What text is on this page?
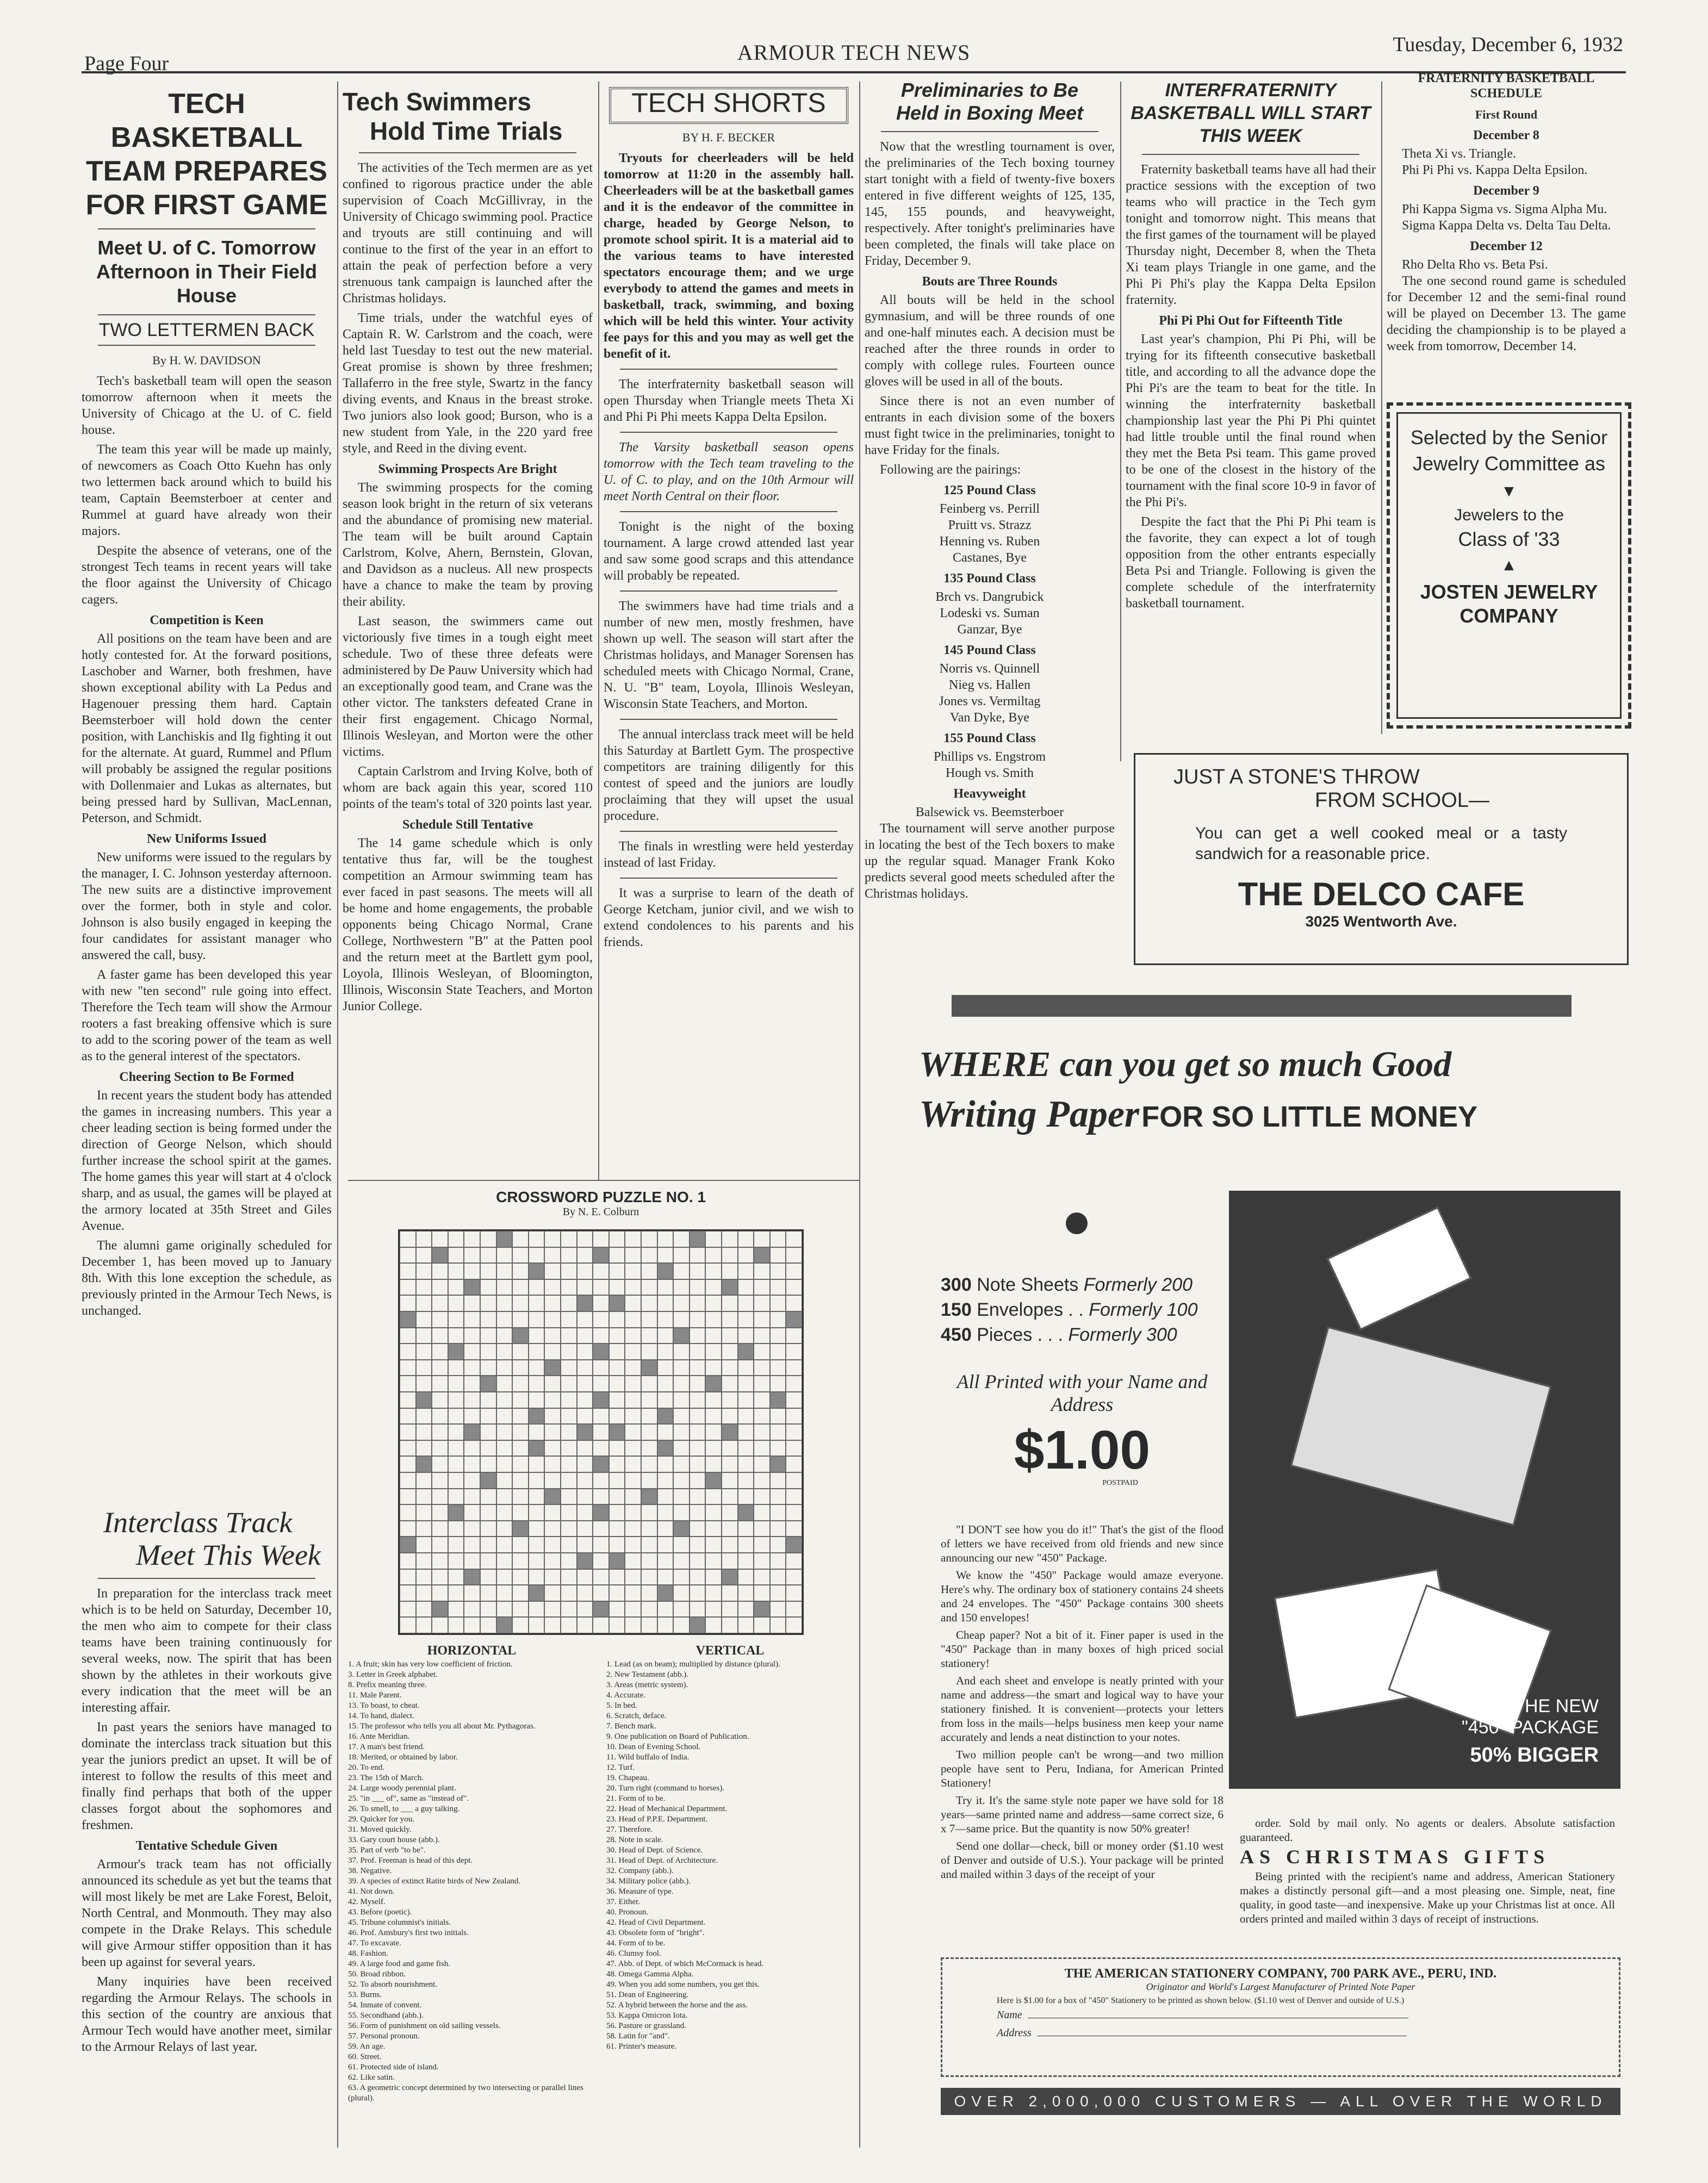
Page Four	ARMOUR TECH NEWS	Tuesday, December 6, 1932
TECH BASKETBALL TEAM PREPARES FOR FIRST GAME
Meet U. of C. Tomorrow Afternoon in Their Field House
TWO LETTERMEN BACK
By H. W. DAVIDSON

Tech's basketball team will open the season tomorrow afternoon when it meets the University of Chicago at the U. of C. field house.

The team this year will be made up mainly, of newcomers as Coach Otto Kuehn has only two lettermen back around which to build his team, Captain Beemsterboer at center and Rummel at guard have already won their majors.

Despite the absence of veterans, one of the strongest Tech teams in recent years will take the floor against the University of Chicago cagers.

Competition is Keen

All positions on the team have been and are hotly contested for. At the forward positions, Laschober and Warner, both freshmen, have shown exceptional ability with La Pedus and Hagenouer pressing them hard. Captain Beemsterboer will hold down the center position, with Lanchiskis and Ilg fighting it out for the alternate. At guard, Rummel and Pflum will probably be assigned the regular positions with Dollenmaier and Lukas as alternates, but being pressed hard by Sullivan, MacLennan, Peterson, and Schmidt.

New Uniforms Issued

New uniforms were issued to the regulars by the manager, I. C. Johnson yesterday afternoon. The new suits are a distinctive improvement over the former, both in style and color. Johnson is also busily engaged in keeping the four candidates for assistant manager who answered the call, busy.

A faster game has been developed this year with new "ten second" rule going into effect. Therefore the Tech team will show the Armour rooters a fast breaking offensive which is sure to add to the scoring power of the team as well as to the general interest of the spectators.

Cheering Section to Be Formed

In recent years the student body has attended the games in increasing numbers. This year a cheer leading section is being formed under the direction of George Nelson, which should further increase the school spirit at the games. The home games this year will start at 4 o'clock sharp, and as usual, the games will be played at the armory located at 35th Street and Giles Avenue.

The alumni game originally scheduled for December 1, has been moved up to January 8th. With this lone exception the schedule, as previously printed in the Armour Tech News, is unchanged.

Interclass Track
Meet This Week

In preparation for the interclass track meet which is to be held on Saturday, December 10, the men who aim to compete for their class teams have been training continuously for several weeks, now. The spirit that has been shown by the athletes in their workouts give every indication that the meet will be an interesting affair.

In past years the seniors have managed to dominate the interclass track situation but this year the juniors predict an upset. It will be of interest to follow the results of this meet and finally find perhaps that both of the upper classes forgot about the sophomores and freshmen.

Tentative Schedule Given

Armour's track team has not officially announced its schedule as yet but the teams that will most likely be met are Lake Forest, Beloit, North Central, and Monmouth. They may also compete in the Drake Relays. This schedule will give Armour stiffer opposition than it has been up against for several years.

Many inquiries have been received regarding the Armour Relays. The schools in this section of the country are anxious that Armour Tech would have another meet, similar to the Armour Relays of last year.

Tech Swimmers
Hold Time Trials

The activities of the Tech mermen are as yet confined to rigorous practice under the able supervision of Coach McGillivray, in the University of Chicago swimming pool. Practice and tryouts are still continuing and will continue to the first of the year in an effort to attain the peak of perfection before a very strenuous tank campaign is launched after the Christmas holidays.

Time trials, under the watchful eyes of Captain R. W. Carlstrom and the coach, were held last Tuesday to test out the new material. Great promise is shown by three freshmen; Tallaferro in the free style, Swartz in the fancy diving events, and Knaus in the breast stroke. Two juniors also look good; Burson, who is a new student from Yale, in the 220 yard free style, and Reed in the diving event.

Swimming Prospects Are Bright

The swimming prospects for the coming season look bright in the return of six veterans and the abundance of promising new material. The team will be built around Captain Carlstrom, Kolve, Ahern, Bernstein, Glovan, and Davidson as a nucleus. All new prospects have a chance to make the team by proving their ability.

Last season, the swimmers came out victoriously five times in a tough eight meet schedule. Two of these three defeats were administered by De Pauw University which had an exceptionally good team, and Crane was the other victor. The tanksters defeated Crane in their first engagement. Chicago Normal, Illinois Wesleyan, and Morton were the other victims.

Captain Carlstrom and Irving Kolve, both of whom are back again this year, scored 110 points of the team's total of 320 points last year.

Schedule Still Tentative

The 14 game schedule which is only tentative thus far, will be the toughest competition an Armour swimming team has ever faced in past seasons. The meets will all be home and home engagements, the probable opponents being Chicago Normal, Crane College, Northwestern "B" at the Patten pool and the return meet at the Bartlett gym pool, Loyola, Illinois Wesleyan, of Bloomington, Illinois, Wisconsin State Teachers, and Morton Junior College.

TECH SHORTS
BY H. F. BECKER

Tryouts for cheerleaders will be held tomorrow at 11:20 in the assembly hall. Cheerleaders will be at the basketball games and it is the endeavor of the committee in charge, headed by George Nelson, to promote school spirit. It is a material aid to the various teams to have interested spectators encourage them; and we urge everybody to attend the games and meets in basketball, track, swimming, and boxing which will be held this winter. Your activity fee pays for this and you may as well get the benefit of it.

The interfraternity basketball season will open Thursday when Triangle meets Theta Xi and Phi Pi Phi meets Kappa Delta Epsilon.

The Varsity basketball season opens tomorrow with the Tech team traveling to the U. of C. to play, and on the 10th Armour will meet North Central on their floor.

Tonight is the night of the boxing tournament. A large crowd attended last year and saw some good scraps and this attendance will probably be repeated.

The swimmers have had time trials and a number of new men, mostly freshmen, have shown up well. The season will start after the Christmas holidays, and Manager Sorensen has scheduled meets with Chicago Normal, Crane, N. U. "B" team, Loyola, Illinois Wesleyan, Wisconsin State Teachers, and Morton.

The annual interclass track meet will be held this Saturday at Bartlett Gym. The prospective competitors are training diligently for this contest of speed and the juniors are loudly proclaiming that they will upset the usual procedure.

The finals in wrestling were held yesterday instead of last Friday.

It was a surprise to learn of the death of George Ketcham, junior civil, and we wish to extend condolences to his parents and his friends.

CROSSWORD PUZZLE NO. 1
By N. E. Colburn
HORIZONTAL
1. A fruit; skin has very low coefficient of friction.
3. Letter in Greek alphabet.
8. Prefix meaning three.
11. Male Parent.
13. To boast, to cheat.
14. To hand, dialect.
15. The professor who tells you all about Mr. Pythagoras.
16. Ante Meridian.
17. A man's best friend.
18. Merited, or obtained by labor.
20. To end.
23. The 15th of March.
24. Large woody perennial plant.
25. "in ___ of", same as "instead of".
26. To smell, to ___ a guy talking.
29. Quicker for you.
31. Moved quickly.
33. Gary court house (abb.).
35. Part of verb "to be".
37. Prof. Freeman is head of this dept.
38. Negative.
39. A species of extinct Ratite birds of New Zealand.
41. Not down.
42. Myself.
43. Before (poetic).
45. Tribune columnist's initials.
46. Prof. Amsbury's first two initials.
47. To excavate.
48. Fashion.
49. A large food and game fish.
50. Broad ribbon.
52. To absorb nourishment.
53. Burns.
54. Inmate of convent.
55. Secondhand (abb.).
56. Form of punishment on old sailing vessels.
57. Personal pronoun.
59. An age.
60. Street.
61. Protected side of island.
62. Like satin.
63. A geometric concept determined by two intersecting or parallel lines (plural).
VERTICAL
1. Lead (as on beam); multiplied by distance (plural).
2. New Testament (abb.).
3. Areas (metric system).
4. Accurate.
5. In bed.
6. Scratch, deface.
7. Bench mark.
9. One publication on Board of Publication.
10. Dean of Evening School.
11. Wild buffalo of India.
12. Turf.
19. Chapeau.
20. Turn right (command to horses).
21. Form of to be.
22. Head of Mechanical Department.
23. Head of P.P.E. Department.
27. Therefore.
28. Note in scale.
30. Head of Dept. of Science.
31. Head of Dept. of Architecture.
32. Company (abb.).
34. Military police (abb.).
36. Measure of type.
37. Either.
40. Pronoun.
42. Head of Civil Department.
43. Obsolete form of "bright".
44. Form of to be.
46. Clumsy fool.
47. Abb. of Dept. of which McCormack is head.
48. Omega Gamma Alpha.
49. When you add some numbers, you get this.
51. Dean of Engineering.
52. A hybrid between the horse and the ass.
53. Kappa Omicron Iota.
56. Pasture or grassland.
58. Latin for "and".
61. Printer's measure.
Preliminaries to Be
Held in Boxing Meet

Now that the wrestling tournament is over, the preliminaries of the Tech boxing tourney start tonight with a field of twenty-five boxers entered in five different weights of 125, 135, 145, 155 pounds, and heavyweight, respectively. After tonight's preliminaries have been completed, the finals will take place on Friday, December 9.

Bouts are Three Rounds

All bouts will be held in the school gymnasium, and will be three rounds of one and one-half minutes each. A decision must be reached after the three rounds in order to comply with college rules. Fourteen ounce gloves will be used in all of the bouts.

Since there is not an even number of entrants in each division some of the boxers must fight twice in the preliminaries, tonight to have Friday for the finals.

Following are the pairings:

125 Pound Class
Feinberg vs. Perrill
Pruitt vs. Strazz
Henning vs. Ruben
Castanes, Bye
135 Pound Class
Brch vs. Dangrubick
Lodeski vs. Suman
Ganzar, Bye
145 Pound Class
Norris vs. Quinnell
Nieg vs. Hallen
Jones vs. Vermiltag
Van Dyke, Bye
155 Pound Class
Phillips vs. Engstrom
Hough vs. Smith
Heavyweight
Balsewick vs. Beemsterboer

The tournament will serve another purpose in locating the best of the Tech boxers to make up the regular squad. Manager Frank Koko predicts several good meets scheduled after the Christmas holidays.

INTERFRATERNITY BASKETBALL WILL START THIS WEEK

Fraternity basketball teams have all had their practice sessions with the exception of two teams who will practice in the Tech gym tonight and tomorrow night. This means that the first games of the tournament will be played Thursday night, December 8, when the Theta Xi team plays Triangle in one game, and the Phi Pi Phi's play the Kappa Delta Epsilon fraternity.

Phi Pi Phi Out for Fifteenth Title

Last year's champion, Phi Pi Phi, will be trying for its fifteenth consecutive basketball title, and according to all the advance dope the Phi Pi's are the team to beat for the title. In winning the interfraternity basketball championship last year the Phi Pi Phi quintet had little trouble until the final round when they met the Beta Psi team. This game proved to be one of the closest in the history of the tournament with the final score 10-9 in favor of the Phi Pi's.

Despite the fact that the Phi Pi Phi team is the favorite, they can expect a lot of tough opposition from the other entrants especially Beta Psi and Triangle. Following is given the complete schedule of the interfraternity basketball tournament.

FRATERNITY BASKETBALL SCHEDULE
First Round
December 8
Theta Xi vs. Triangle.
Phi Pi Phi vs. Kappa Delta Epsilon.
December 9
Phi Kappa Sigma vs. Sigma Alpha Mu.
Sigma Kappa Delta vs. Delta Tau Delta.
December 12
Rho Delta Rho vs. Beta Psi.

The one second round game is scheduled for December 12 and the semi-final round will be played on December 13. The game deciding the championship is to be played a week from tomorrow, December 14.

Selected by the Senior Jewelry Committee as
▼
Jewelers to the
Class of '33
▲
JOSTEN JEWELRY COMPANY
JUST A STONE'S THROW
FROM SCHOOL—
You can get a well cooked meal or a tasty sandwich for a reasonable price.
THE DELCO CAFE
3025 Wentworth Ave.
WHERE can you get so much Good
Writing Paper FOR SO LITTLE MONEY
IT'S THE NEW
"450" PACKAGE
50% BIGGER
300 Note Sheets Formerly 200
150 Envelopes . . Formerly 100
450 Pieces . . . Formerly 300
All Printed with your Name and Address
$1.00
POSTPAID

"I DON'T see how you do it!" That's the gist of the flood of letters we have received from old friends and new since announcing our new "450" Package.

We know the "450" Package would amaze everyone. Here's why. The ordinary box of stationery contains 24 sheets and 24 envelopes. The "450" Package contains 300 sheets and 150 envelopes!

Cheap paper? Not a bit of it. Finer paper is used in the "450" Package than in many boxes of high priced social stationery!

And each sheet and envelope is neatly printed with your name and address—the smart and logical way to have your stationery finished. It is convenient—protects your letters from loss in the mails—helps business men keep your name accurately and lends a neat distinction to your notes.

Two million people can't be wrong—and two million people have sent to Peru, Indiana, for American Printed Stationery!

Try it. It's the same style note paper we have sold for 18 years—same printed name and address—same correct size, 6 x 7—same price. But the quantity is now 50% greater!

Send one dollar—check, bill or money order ($1.10 west of Denver and outside of U.S.). Your package will be printed and mailed within 3 days of the receipt of your

order. Sold by mail only. No agents or dealers. Absolute satisfaction guaranteed.

AS CHRISTMAS GIFTS

Being printed with the recipient's name and address, American Stationery makes a distinctly personal gift—and a most pleasing one. Simple, neat, fine quality, in good taste—and inexpensive. Make up your Christmas list at once. All orders printed and mailed within 3 days of receipt of instructions.

THE AMERICAN STATIONERY COMPANY, 700 PARK AVE., PERU, IND.
Originator and World's Largest Manufacturer of Printed Note Paper
Here is $1.00 for a box of "450" Stationery to be printed as shown below. ($1.10 west of Denver and outside of U.S.)
Name
Address
OVER 2,000,000 CUSTOMERS — ALL OVER THE WORLD
